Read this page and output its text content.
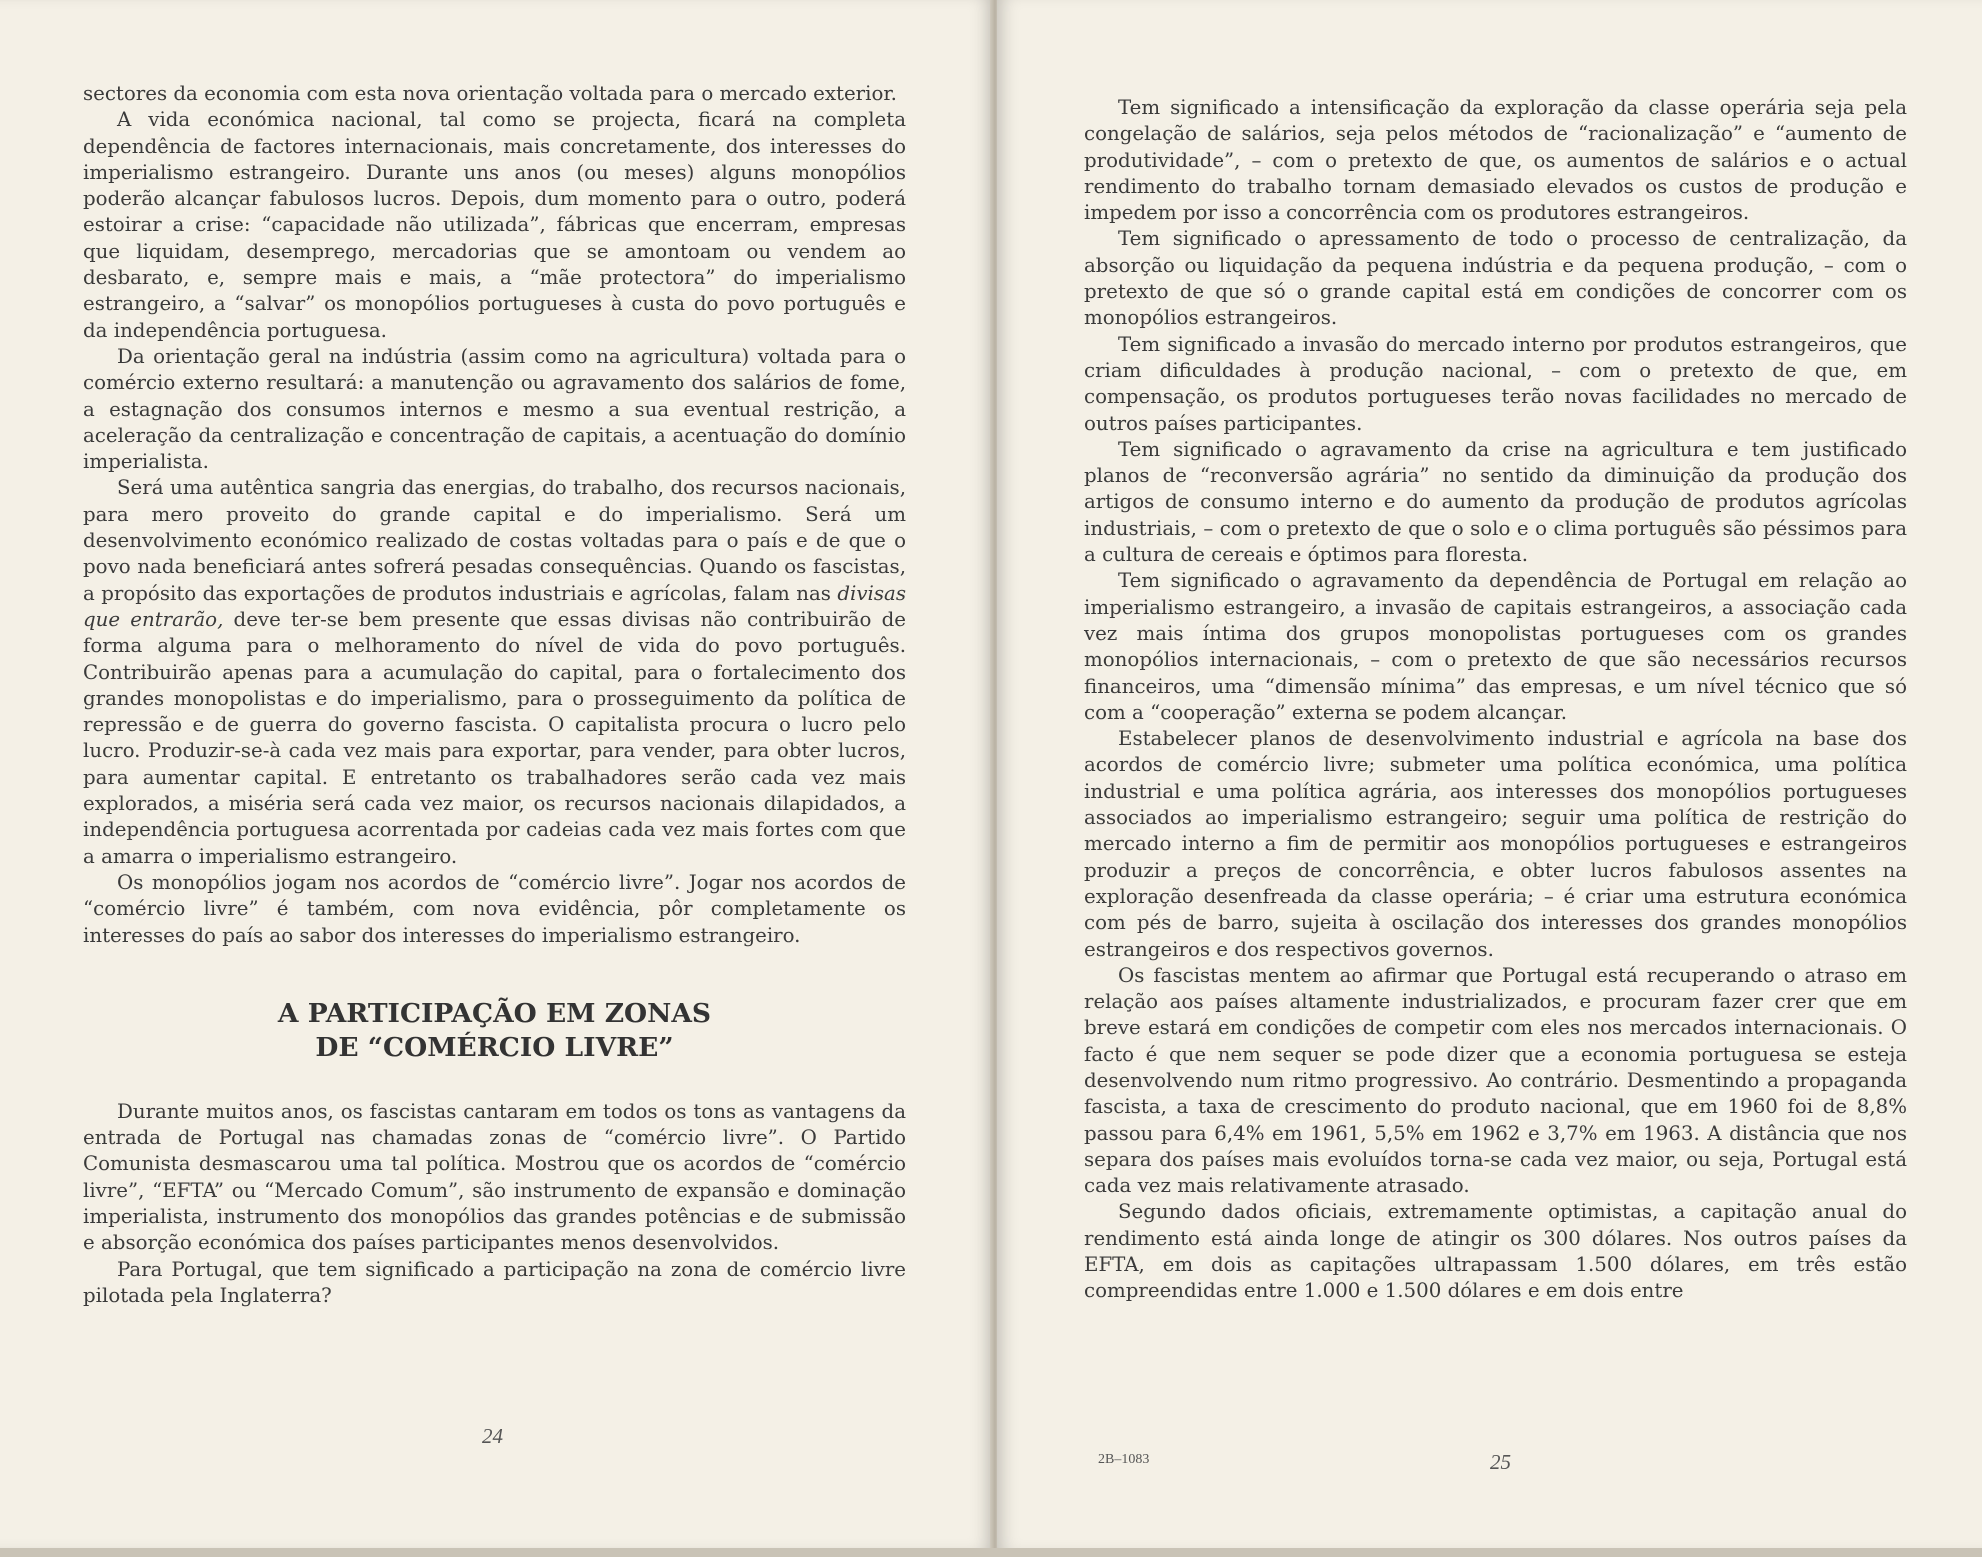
sectores da economia com esta nova orientação voltada para o mercado exterior.

A vida económica nacional, tal como se projecta, ficará na completa dependência de factores internacionais, mais concretamente, dos interesses do imperialismo estrangeiro. Durante uns anos (ou meses) alguns monopólios poderão alcançar fabulosos lucros. Depois, dum momento para o outro, poderá estoirar a crise: “capacidade não utilizada”, fábricas que encerram, empresas que liquidam, desemprego, mercadorias que se amontoam ou vendem ao desbarato, e, sempre mais e mais, a “mãe protectora” do imperialismo estrangeiro, a “salvar” os monopólios portugueses à custa do povo português e da independência portuguesa.

Da orientação geral na indústria (assim como na agricultura) voltada para o comércio externo resultará: a manutenção ou agravamento dos salários de fome, a estagnação dos consumos internos e mesmo a sua eventual restrição, a aceleração da centralização e concentração de capitais, a acentuação do domínio imperialista.

Será uma autêntica sangria das energias, do trabalho, dos recursos nacionais, para mero proveito do grande capital e do imperialismo. Será um desenvolvimento económico realizado de costas voltadas para o país e de que o povo nada beneficiará antes sofrerá pesadas consequências. Quando os fascistas, a propósito das exportações de produtos industriais e agrícolas, falam nas divisas que entrarão, deve ter-se bem presente que essas divisas não contribuirão de forma alguma para o melhoramento do nível de vida do povo português. Contribuirão apenas para a acumulação do capital, para o fortalecimento dos grandes monopolistas e do imperialismo, para o prosseguimento da política de repressão e de guerra do governo fascista. O capitalista procura o lucro pelo lucro. Produzir-se-à cada vez mais para exportar, para vender, para obter lucros, para aumentar capital. E entretanto os trabalhadores serão cada vez mais explorados, a miséria será cada vez maior, os recursos nacionais dilapidados, a independência portuguesa acorrentada por cadeias cada vez mais fortes com que a amarra o imperialismo estrangeiro.

Os monopólios jogam nos acordos de “comércio livre”. Jogar nos acordos de “comércio livre” é também, com nova evidência, pôr completamente os interesses do país ao sabor dos interesses do imperialismo estrangeiro.

A PARTICIPAÇÃO EM ZONAS
DE “COMÉRCIO LIVRE”

Durante muitos anos, os fascistas cantaram em todos os tons as vantagens da entrada de Portugal nas chamadas zonas de “comércio livre”. O Partido Comunista desmascarou uma tal política. Mostrou que os acordos de “comércio livre”, “EFTA” ou “Mercado Comum”, são instrumento de expansão e dominação imperialista, instrumento dos monopólios das grandes potências e de submissão e absorção económica dos países participantes menos desenvolvidos.

Para Portugal, que tem significado a participação na zona de comércio livre pilotada pela Inglaterra?

24

Tem significado a intensificação da exploração da classe operária seja pela congelação de salários, seja pelos métodos de “racionalização” e “aumento de produtividade”, – com o pretexto de que, os aumentos de salários e o actual rendimento do trabalho tornam demasiado elevados os custos de produção e impedem por isso a concorrência com os produtores estrangeiros.

Tem significado o apressamento de todo o processo de centralização, da absorção ou liquidação da pequena indústria e da pequena produção, – com o pretexto de que só o grande capital está em condições de concorrer com os monopólios estrangeiros.

Tem significado a invasão do mercado interno por produtos estrangeiros, que criam dificuldades à produção nacional, – com o pretexto de que, em compensação, os produtos portugueses terão novas facilidades no mercado de outros países participantes.

Tem significado o agravamento da crise na agricultura e tem justificado planos de “reconversão agrária” no sentido da diminuição da produção dos artigos de consumo interno e do aumento da produção de produtos agrícolas industriais, – com o pretexto de que o solo e o clima português são péssimos para a cultura de cereais e óptimos para floresta.

Tem significado o agravamento da dependência de Portugal em relação ao imperialismo estrangeiro, a invasão de capitais estrangeiros, a associação cada vez mais íntima dos grupos monopolistas portugueses com os grandes monopólios internacionais, – com o pretexto de que são necessários recursos financeiros, uma “dimensão mínima” das empresas, e um nível técnico que só com a “cooperação” externa se podem alcançar.

Estabelecer planos de desenvolvimento industrial e agrícola na base dos acordos de comércio livre; submeter uma política económica, uma política industrial e uma política agrária, aos interesses dos monopólios portugueses associados ao imperialismo estrangeiro; seguir uma política de restrição do mercado interno a fim de permitir aos monopólios portugueses e estrangeiros produzir a preços de concorrência, e obter lucros fabulosos assentes na exploração desenfreada da classe operária; – é criar uma estrutura económica com pés de barro, sujeita à oscilação dos interesses dos grandes monopólios estrangeiros e dos respectivos governos.

Os fascistas mentem ao afirmar que Portugal está recuperando o atraso em relação aos países altamente industrializados, e procuram fazer crer que em breve estará em condições de competir com eles nos mercados internacionais. O facto é que nem sequer se pode dizer que a economia portuguesa se esteja desenvolvendo num ritmo progressivo. Ao contrário. Desmentindo a propaganda fascista, a taxa de crescimento do produto nacional, que em 1960 foi de 8,8% passou para 6,4% em 1961, 5,5% em 1962 e 3,7% em 1963. A distância que nos separa dos países mais evoluídos torna-se cada vez maior, ou seja, Portugal está cada vez mais relativamente atrasado.

Segundo dados oficiais, extremamente optimistas, a capitação anual do rendimento está ainda longe de atingir os 300 dólares. Nos outros países da EFTA, em dois as capitações ultrapassam 1.500 dólares, em três estão compreendidas entre 1.000 e 1.500 dólares e em dois entre

2B–1083	25
